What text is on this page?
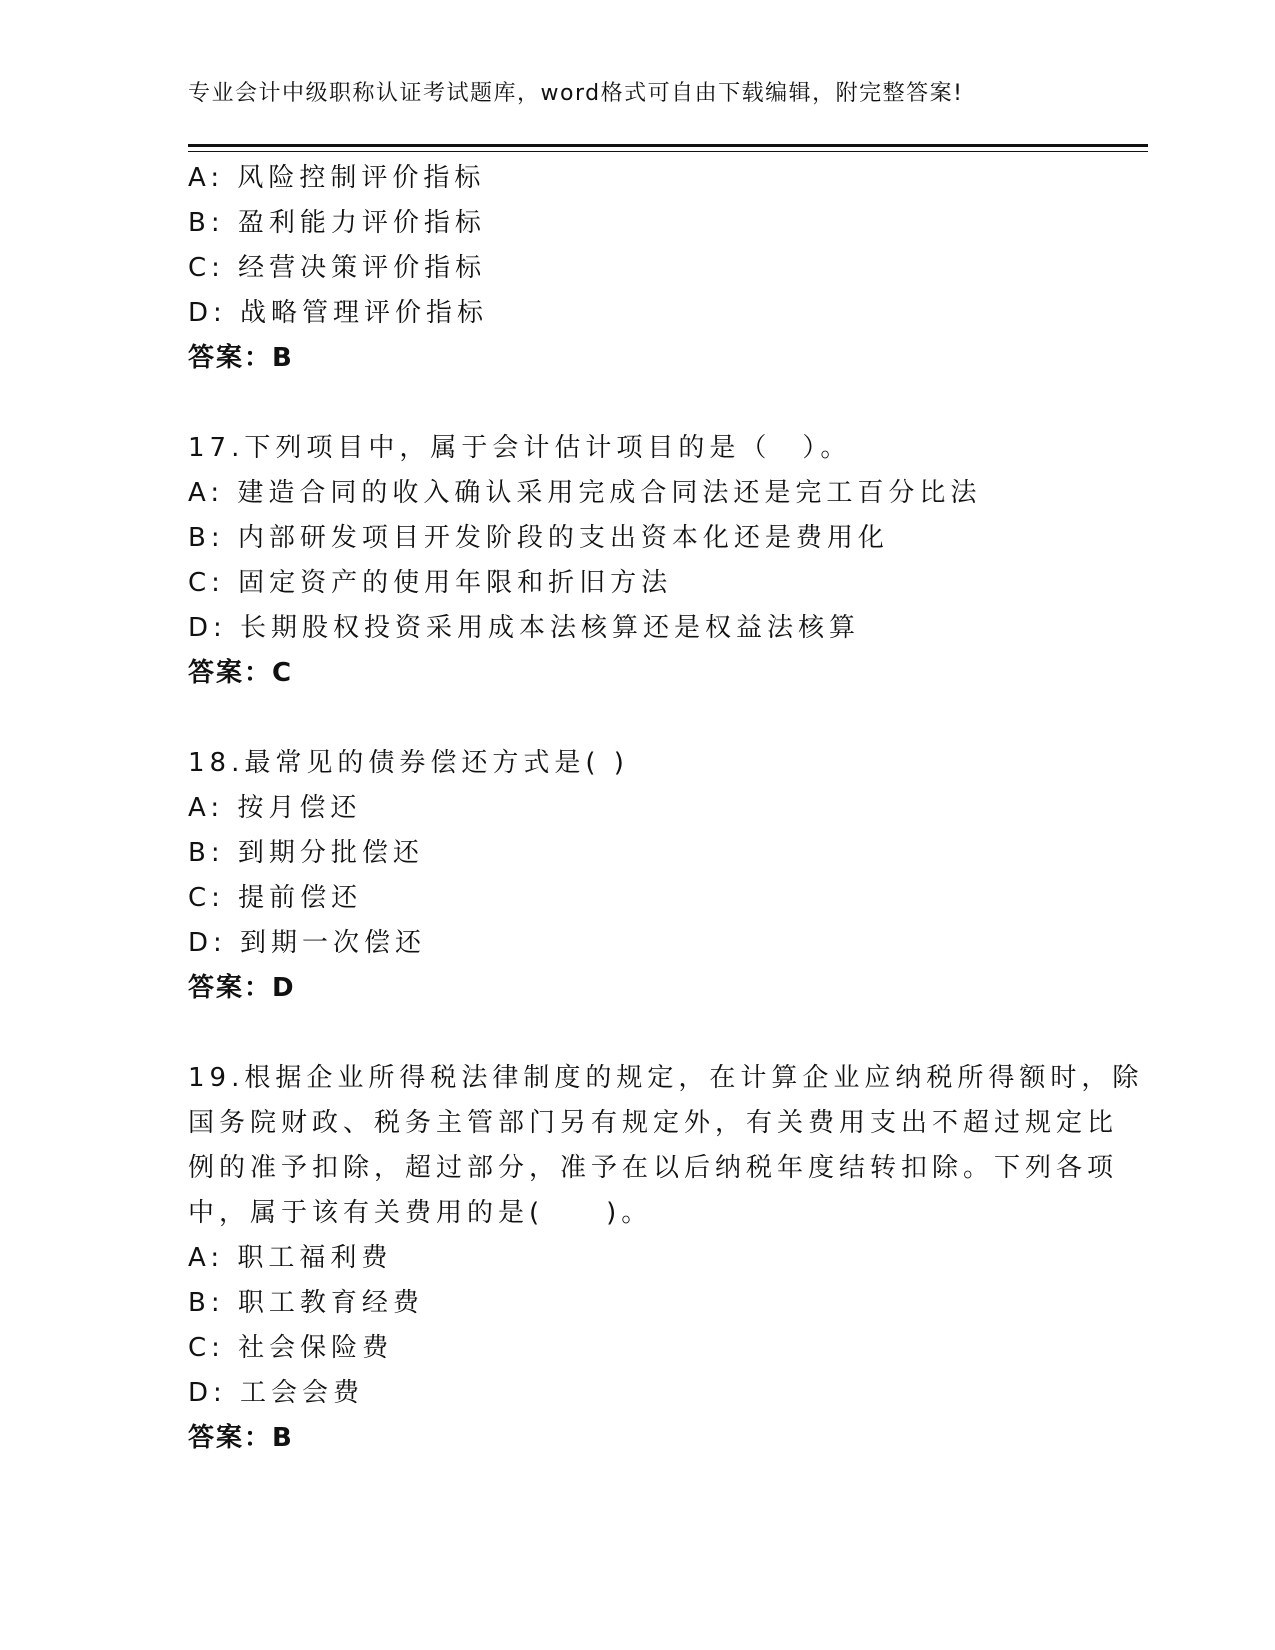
专业会计中级职称认证考试题库，word格式可自由下载编辑，附完整答案!
A: 风险控制评价指标
B: 盈利能力评价指标
C: 经营决策评价指标
D: 战略管理评价指标
答案：B
17.下列项目中，属于会计估计项目的是（　）。
A: 建造合同的收入确认采用完成合同法还是完工百分比法
B: 内部研发项目开发阶段的支出资本化还是费用化
C: 固定资产的使用年限和折旧方法
D: 长期股权投资采用成本法核算还是权益法核算
答案：C
18.最常见的债券偿还方式是( )
A: 按月偿还
B: 到期分批偿还
C: 提前偿还
D: 到期一次偿还
答案：D
19.根据企业所得税法律制度的规定，在计算企业应纳税所得额时，除
国务院财政、税务主管部门另有规定外，有关费用支出不超过规定比
例的准予扣除，超过部分，准予在以后纳税年度结转扣除。下列各项
中，属于该有关费用的是(　　)。
A: 职工福利费
B: 职工教育经费
C: 社会保险费
D: 工会会费
答案：B
